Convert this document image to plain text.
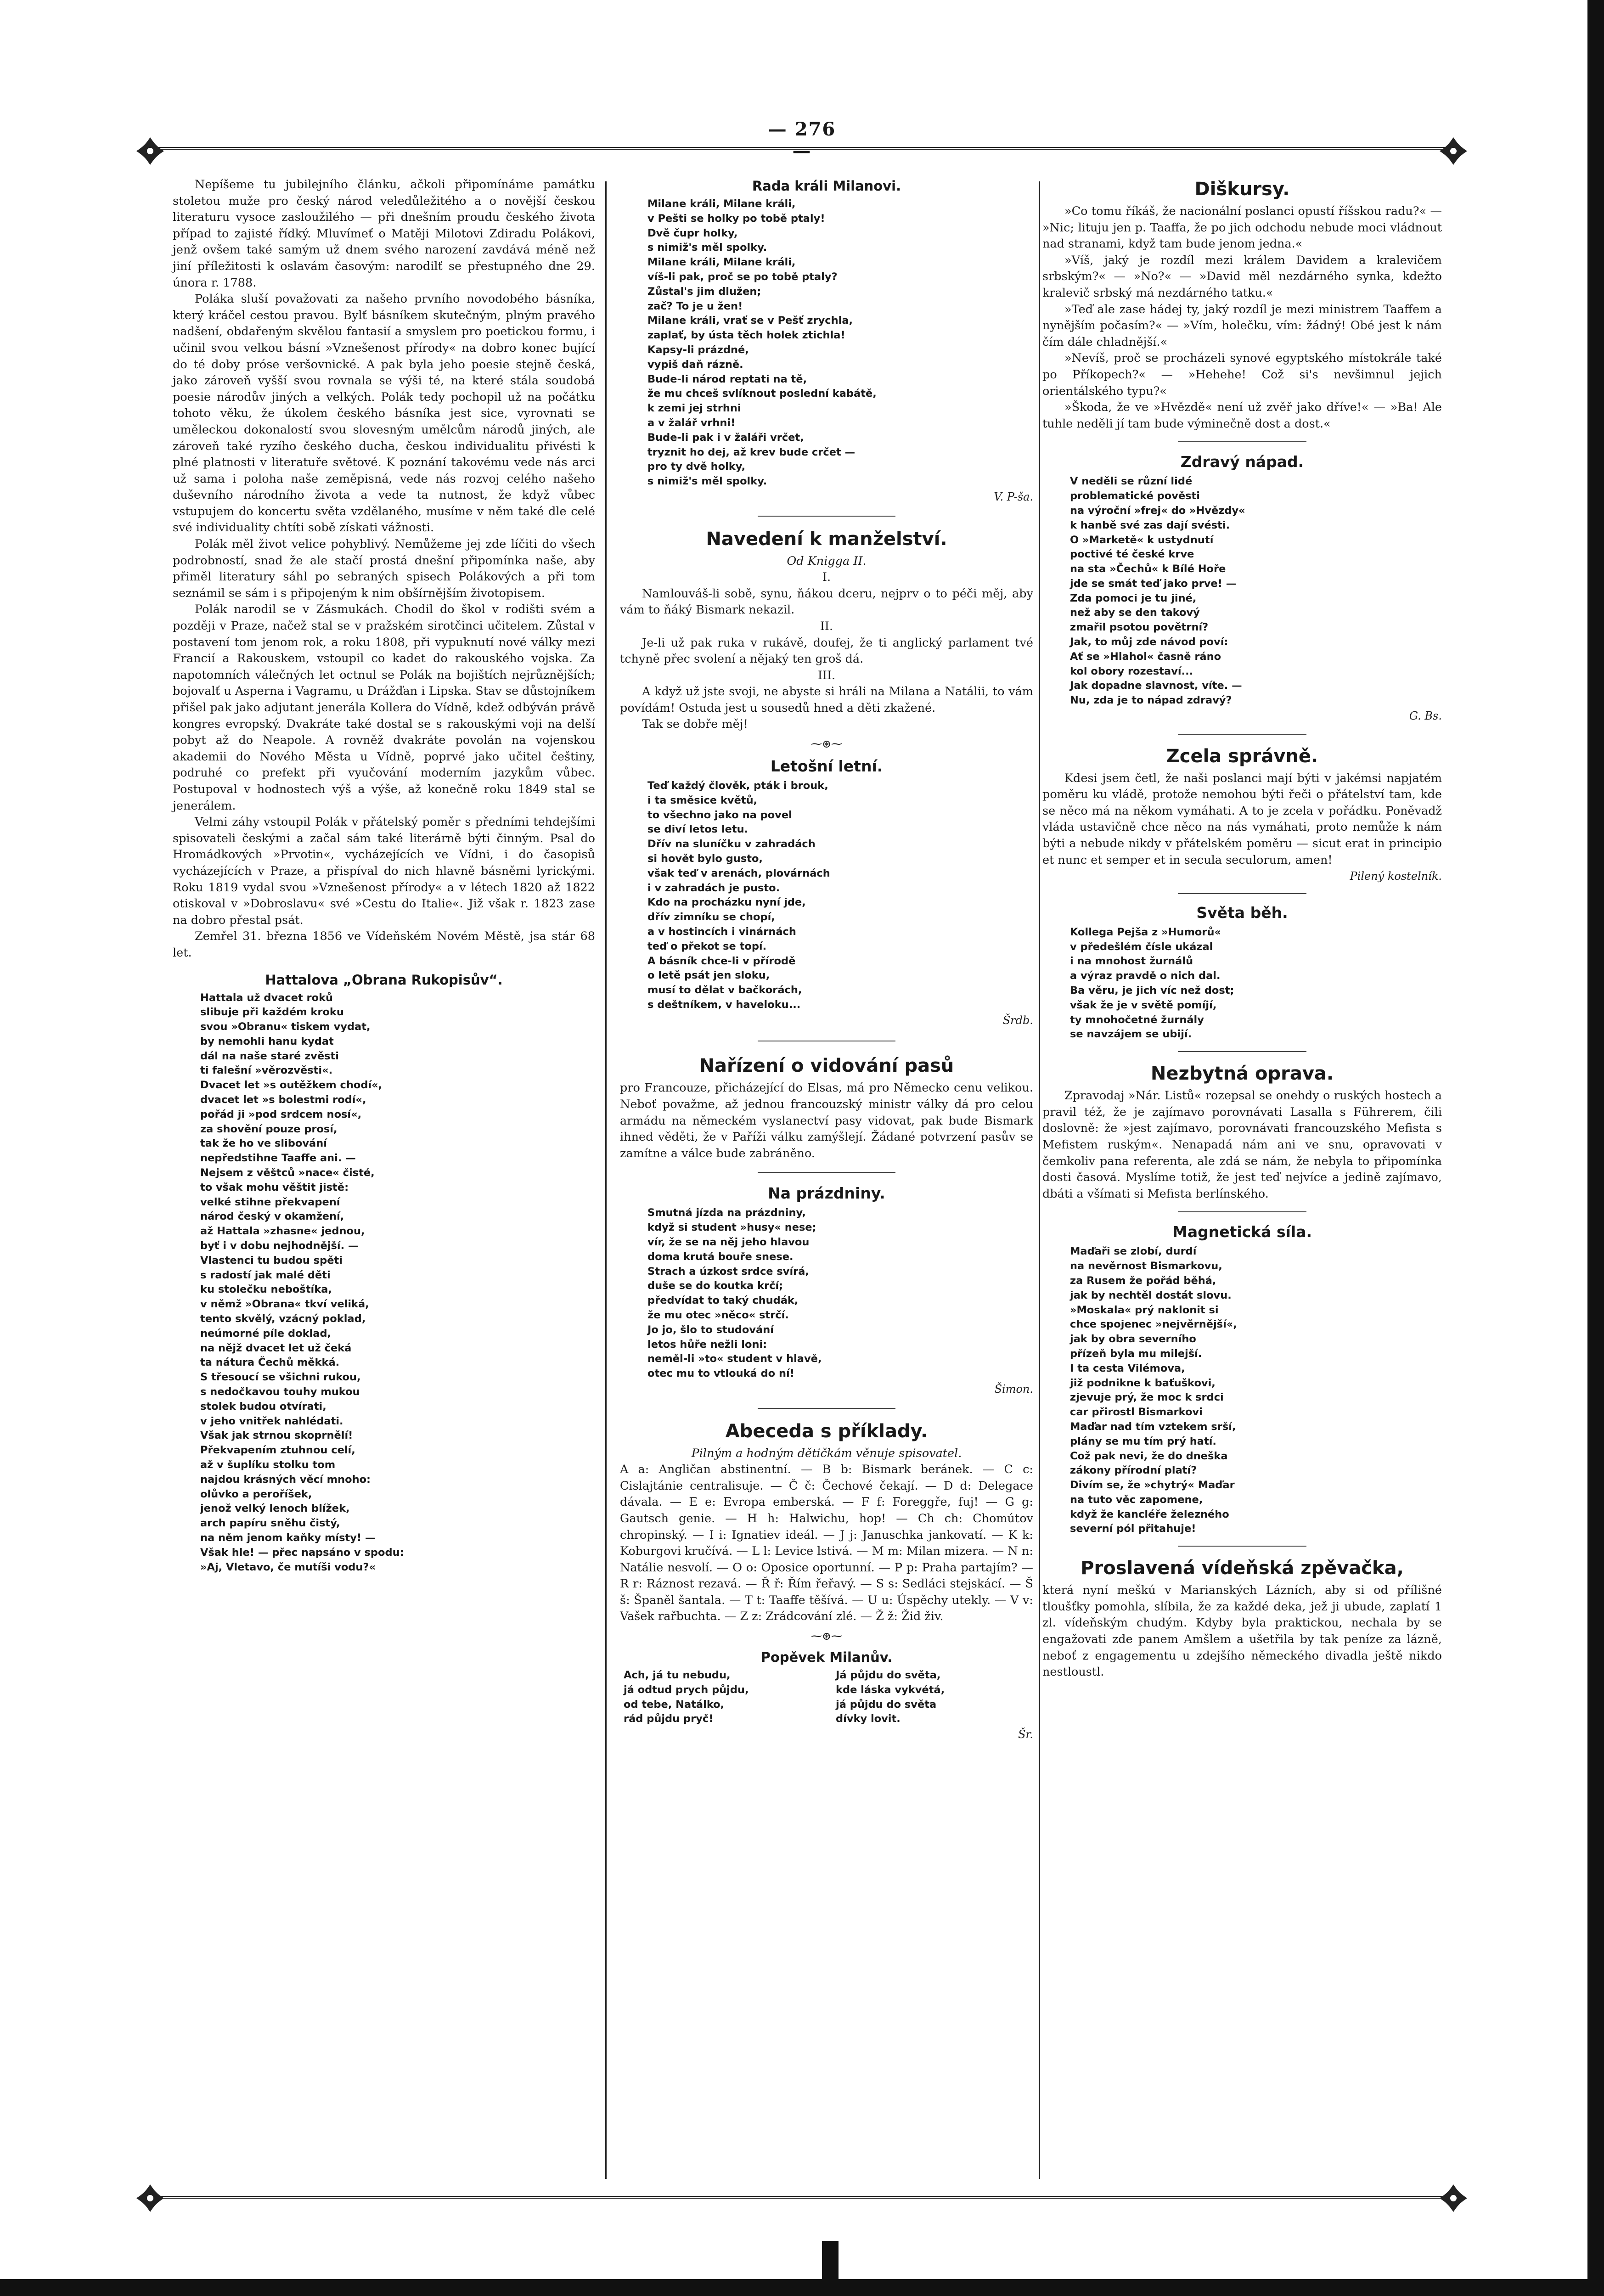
— 276 —

Nepíšeme tu jubilejního článku, ačkoli připomínáme památku stoletou muže pro český národ veledůležitého a o novější českou literaturu vysoce zasloužilého — při dnešním proudu českého života případ to zajisté řídký. Mluvímeť o Matěji Milotovi Zdiradu Polákovi, jenž ovšem také samým už dnem svého narození zavdává méně než jiní příležitosti k oslavám časovým: narodilť se přestupného dne 29. února r. 1788.

Poláka sluší považovati za našeho prvního novodobého básníka, který kráčel cestou pravou. Bylť básníkem skutečným, plným pravého nadšení, obdařeným skvělou fantasií a smyslem pro poetickou formu, i učinil svou velkou básní »Vznešenost přírody« na dobro konec bující do té doby próse veršovnické. A pak byla jeho poesie stejně česká, jako zároveň vyšší svou rovnala se výši té, na které stála soudobá poesie národův jiných a velkých. Polák tedy pochopil už na počátku tohoto věku, že úkolem českého básníka jest sice, vyrovnati se uměleckou dokonalostí svou slovesným umělcům národů jiných, ale zároveň také ryzího českého ducha, českou individualitu přivésti k plné platnosti v literatuře světové. K poznání takovému vede nás arci už sama i poloha naše zeměpisná, vede nás rozvoj celého našeho duševního národního života a vede ta nutnost, že když vůbec vstupujem do koncertu světa vzdělaného, musíme v něm také dle celé své individuality chtíti sobě získati vážnosti.

Polák měl život velice pohyblivý. Nemůžeme jej zde líčiti do všech podrobností, snad že ale stačí prostá dnešní připomínka naše, aby přiměl literatury sáhl po sebraných spisech Polákových a při tom seznámil se sám i s připojeným k nim obšírnějším životopisem.

Polák narodil se v Zásmukách. Chodil do škol v rodišti svém a později v Praze, načež stal se v pražském sirotčinci učitelem. Zůstal v postavení tom jenom rok, a roku 1808, při vypuknutí nové války mezi Francií a Rakouskem, vstoupil co kadet do rakouského vojska. Za napotomních válečných let octnul se Polák na bojištích nejrůznějších; bojovalť u Asperna i Vagramu, u Drážďan i Lipska. Stav se důstojníkem přišel pak jako adjutant jenerála Kollera do Vídně, kdež odbýván právě kongres evropský. Dvakráte také dostal se s rakouskými voji na delší pobyt až do Neapole. A rovněž dvakráte povolán na vojenskou akademii do Nového Města u Vídně, poprvé jako učitel češtiny, podruhé co prefekt při vyučování moderním jazykům vůbec. Postupoval v hodnostech výš a výše, až konečně roku 1849 stal se jenerálem.

Velmi záhy vstoupil Polák v přátelský poměr s předními tehdejšími spisovateli českými a začal sám také literárně býti činným. Psal do Hromádkových »Prvotin«, vycházejících ve Vídni, i do časopisů vycházejících v Praze, a přispíval do nich hlavně básněmi lyrickými. Roku 1819 vydal svou »Vznešenost přírody« a v létech 1820 až 1822 otiskoval v »Dobroslavu« své »Cestu do Italie«. Již však r. 1823 zase na dobro přestal psát.

Zemřel 31. března 1856 ve Vídeňském Novém Městě, jsa stár 68 let.

Hattalova „Obrana Rukopisův“.
Hattala už dvacet roků
slibuje při každém kroku
svou »Obranu« tiskem vydat,
by nemohli hanu kydat
dál na naše staré zvěsti
ti falešní »věrozvěsti«.
Dvacet let »s outěžkem chodí«,
dvacet let »s bolestmi rodí«,
pořád ji »pod srdcem nosí«,
za shovění pouze prosí,
tak že ho ve slibování
nepředstihne Taaffe ani. —
Nejsem z věštců »nace« čisté,
to však mohu věštit jistě:
velké stihne překvapení
národ český v okamžení,
až Hattala »zhasne« jednou,
byť i v dobu nejhodnější. —
Vlastenci tu budou spěti
s radostí jak malé děti
ku stolečku neboštíka,
v němž »Obrana« tkví veliká,
tento skvělý, vzácný poklad,
neúmorné píle doklad,
na nějž dvacet let už čeká
ta nátura Čechů měkká.
S třesoucí se všichni rukou,
s nedočkavou touhy mukou
stolek budou otvírati,
v jeho vnitřek nahlédati.
Však jak strnou skoprnělí!
Překvapením ztuhnou celí,
až v šuplíku stolku tom
najdou krásných věcí mnoho:
olůvko a peroříšek,
jenož velký lenoch blížek,
arch papíru sněhu čistý,
na něm jenom kaňky místy! —
Však hle! — přec napsáno v spodu:
»Aj, Vletavo, če mutíši vodu?«
Rada králi Milanovi.
Milane králi, Milane králi,
v Pešti se holky po tobě ptaly!
Dvě čupr holky,
s nimiž's měl spolky.
Milane králi, Milane králi,
víš-li pak, proč se po tobě ptaly?
Zůstal's jim dlužen;
zač? To je u žen!
Milane králi, vrať se v Pešť zrychla,
zaplať, by ústa těch holek ztichla!
Kapsy-li prázdné,
vypiš daň rázně.
Bude-li národ reptati na tě,
že mu chceš svlíknout poslední kabátě,
k zemi jej strhni
a v žalář vrhni!
Bude-li pak i v žaláři vrčet,
tryznit ho dej, až krev bude crčet —
pro ty dvě holky,
s nimiž's měl spolky.

V. P-ša.

Navedení k manželství.

Od Knigga II.

I.

Namlouváš-li sobě, synu, ňákou dceru, nejprv o to péči měj, aby vám to ňáký Bismark nekazil.

II.

Je-li už pak ruka v rukávě, doufej, že ti anglický parlament tvé tchyně přec svolení a nějaký ten groš dá.

III.

A když už jste svoji, ne abyste si hráli na Milana a Natálii, to vám povídám! Ostuda jest u sousedů hned a děti zkažené.

Tak se dobře měj!

⁓⊛⁓
Letošní letní.
Teď každý člověk, pták i brouk,
i ta směsice květů,
to všechno jako na povel
se diví letos letu.
Dřív na sluníčku v zahradách
si hovět bylo gusto,
však teď v arenách, plovárnách
i v zahradách je pusto.
Kdo na procházku nyní jde,
dřív zimníku se chopí,
a v hostincích i vinárnách
teď o překot se topí.
A básník chce-li v přírodě
o letě psát jen sloku,
musí to dělat v bačkorách,
s deštníkem, v haveloku...

Šrdb.

Nařízení o vidování pasů

pro Francouze, přicházející do Elsas, má pro Německo cenu velikou. Neboť považme, až jednou francouzský ministr války dá pro celou armádu na německém vyslanectví pasy vidovat, pak bude Bismark ihned věděti, že v Paříži válku zamýšlejí. Žádané potvrzení pasův se zamítne a válce bude zabráněno.

Na prázdniny.
Smutná jízda na prázdniny,
když si student »husy« nese;
vír, že se na něj jeho hlavou
doma krutá bouře snese.
Strach a úzkost srdce svírá,
duše se do koutka krčí;
předvídat to taký chudák,
že mu otec »něco« strčí.
Jo jo, šlo to studování
letos hůře nežli loni:
neměl-li »to« student v hlavě,
otec mu to vtlouká do ní!

Šimon.

Abeceda s příklady.

Pilným a hodným dětičkám věnuje spisovatel.

A a: Angličan abstinentní. — B b: Bismark beránek. — C c: Cislajtánie centralisuje. — Č č: Čechové čekají. — D d: Delegace dávala. — E e: Evropa emberská. — F f: Foreggře, fuj! — G g: Gautsch genie. — H h: Halwichu, hop! — Ch ch: Chomútov chropinský. — I i: Ignatiev ideál. — J j: Januschka jankovatí. — K k: Koburgovi kručívá. — L l: Levice lstivá. — M m: Milan mizera. — N n: Natálie nesvolí. — O o: Oposice oportunní. — P p: Praha partajím? — R r: Ráznost rezavá. — Ř ř: Řím řeřavý. — S s: Sedláci stejskácí. — Š š: Španěl šantala. — T t: Taaffe těšívá. — U u: Úspěchy utekly. — V v: Vašek rařbuchta. — Z z: Zrádcování zlé. — Ž ž: Žid živ.

⁓⊛⁓
Popěvek Milanův.
Ach, já tu nebudu,
já odtud prych půjdu,
od tebe, Natálko,
rád půjdu pryč!
Já půjdu do světa,
kde láska vykvétá,
já půjdu do světa
dívky lovit.

Šr.

Diškursy.

»Co tomu říkáš, že nacionální poslanci opustí říšskou radu?« — »Nic; lituju jen p. Taaffa, že po jich odchodu nebude moci vládnout nad stranami, když tam bude jenom jedna.«

»Víš, jaký je rozdíl mezi králem Davidem a kralevičem srbským?« — »No?« — »David měl nezdárného synka, kdežto kralevič srbský má nezdárného tatku.«

»Teď ale zase hádej ty, jaký rozdíl je mezi ministrem Taaffem a nynějším počasím?« — »Vím, holečku, vím: žádný! Obé jest k nám čím dále chladnější.«

»Nevíš, proč se procházeli synové egyptského místokrále také po Příkopech?« — »Hehehe! Což si's nevšimnul jejich orientálského typu?«

»Škoda, že ve »Hvězdě« není už zvěř jako dříve!« — »Ba! Ale tuhle neděli jí tam bude výminečně dost a dost.«

Zdravý nápad.
V neděli se různí lidé
problematické pověsti
na výroční »frej« do »Hvězdy«
k hanbě své zas dají svésti.
O »Marketě« k ustydnutí
poctivé té české krve
na sta »Čechů« k Bílé Hoře
jde se smát teď jako prve! —
Zda pomoci je tu jiné,
než aby se den takový
zmařil psotou povětrní?
Jak, to můj zde návod poví:
Ať se »Hlahol« časně ráno
kol obory rozestaví...
Jak dopadne slavnost, víte. —
Nu, zda je to nápad zdravý?

G. Bs.

Zcela správně.

Kdesi jsem četl, že naši poslanci mají býti v jakémsi napjatém poměru ku vládě, protože nemohou býti řeči o přátelství tam, kde se něco má na někom vymáhati. A to je zcela v pořádku. Poněvadž vláda ustavičně chce něco na nás vymáhati, proto nemůže k nám býti a nebude nikdy v přátelském poměru — sicut erat in principio et nunc et semper et in secula seculorum, amen!

Pilený kostelník.

Světa běh.
Kollega Pejša z »Humorů«
v předešlém čísle ukázal
i na mnohost žurnálů
a výraz pravdě o nich dal.
Ba věru, je jich víc než dost;
však že je v světě pomíjí,
ty mnohočetné žurnály
se navzájem se ubijí.
Nezbytná oprava.

Zpravodaj »Nár. Listů« rozepsal se onehdy o ruských hostech a pravil též, že je zajímavo porovnávati Lasalla s Führerem, čili doslovně: že »jest zajímavo, porovnávati francouzského Mefista s Mefistem ruským«. Nenapadá nám ani ve snu, opravovati v čemkoliv pana referenta, ale zdá se nám, že nebyla to připomínka dosti časová. Myslíme totiž, že jest teď nejvíce a jedině zajímavo, dbáti a všímati si Mefista berlínského.

Magnetická síla.
Maďaři se zlobí, durdí
na nevěrnost Bismarkovu,
za Rusem že pořád běhá,
jak by nechtěl dostát slovu.
»Moskala« prý naklonit si
chce spojenec »nejvěrnější«,
jak by obra severního
přízeň byla mu milejší.
I ta cesta Vilémova,
již podnikne k baťuškovi,
zjevuje prý, že moc k srdci
car přirostl Bismarkovi
Maďar nad tím vztekem srší,
plány se mu tím prý hatí.
Což pak nevi, že do dneška
zákony přírodní platí?
Divím se, že »chytrý« Maďar
na tuto věc zapomene,
když že kancléře železného
severní pól přitahuje!
Proslavená vídeňská zpěvačka,

která nyní meškú v Marianských Lázních, aby si od přílišné tloušťky pomohla, slíbila, že za každé deka, jež ji ubude, zaplatí 1 zl. vídeňským chudým. Kdyby byla praktickou, nechala by se engažovati zde panem Amšlem a ušetřila by tak peníze za lázně, neboť z engagementu u zdejšího německého divadla ještě nikdo nestloustl.
